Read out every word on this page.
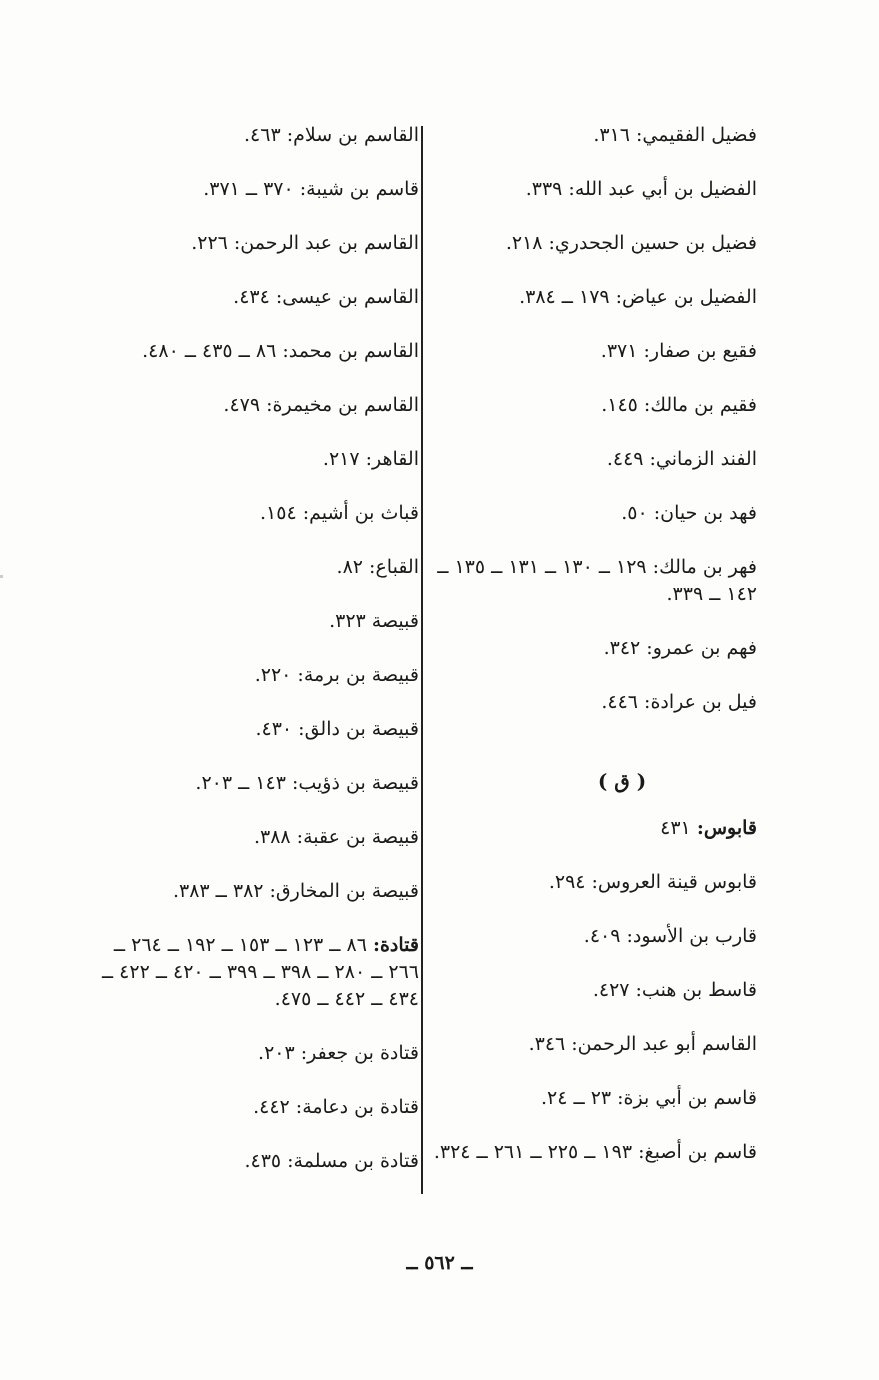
فضيل الفقيمي: ٣١٦.
الفضيل بن أبي عبد الله: ٣٣٩.
فضيل بن حسين الجحدري: ٢١٨.
الفضيل بن عياض: ١٧٩ ــ ٣٨٤.
فقيع بن صفار: ٣٧١.
فقيم بن مالك: ١٤٥.
الفند الزماني: ٤٤٩.
فهد بن حيان: ٥٠.
فهر بن مالك: ١٢٩ ــ ١٣٠ ــ ١٣١ ــ ١٣٥ ــ ١٤٢ ــ ٣٣٩.
فهم بن عمرو: ٣٤٢.
فيل بن عرادة: ٤٤٦.
( ق )
قابوس: ٤٣١
قابوس قينة العروس: ٢٩٤.
قارب بن الأسود: ٤٠٩.
قاسط بن هنب: ٤٢٧.
القاسم أبو عبد الرحمن: ٣٤٦.
قاسم بن أبي بزة: ٢٣ ــ ٢٤.
قاسم بن أصبغ: ١٩٣ ــ ٢٢٥ ــ ٢٦١ ــ ٣٢٤.
القاسم بن سلام: ٤٦٣.
قاسم بن شيبة: ٣٧٠ ــ ٣٧١.
القاسم بن عبد الرحمن: ٢٢٦.
القاسم بن عيسى: ٤٣٤.
القاسم بن محمد: ٨٦ ــ ٤٣٥ ــ ٤٨٠.
القاسم بن مخيمرة: ٤٧٩.
القاهر: ٢١٧.
قباث بن أشيم: ١٥٤.
القباع: ٨٢.
قبيصة ٣٢٣.
قبيصة بن برمة: ٢٢٠.
قبيصة بن دالق: ٤٣٠.
قبيصة بن ذؤيب: ١٤٣ ــ ٢٠٣.
قبيصة بن عقبة: ٣٨٨.
قبيصة بن المخارق: ٣٨٢ ــ ٣٨٣.
قتادة: ٨٦ ــ ١٢٣ ــ ١٥٣ ــ ١٩٢ ــ ٢٦٤ ــ ٢٦٦ ــ ٢٨٠ ــ ٣٩٨ ــ ٣٩٩ ــ ٤٢٠ ــ ٤٢٢ ــ ٤٣٤ ــ ٤٤٢ ــ ٤٧٥.
قتادة بن جعفر: ٢٠٣.
قتادة بن دعامة: ٤٤٢.
قتادة بن مسلمة: ٤٣٥.
ــ ٥٦٢ ــ
